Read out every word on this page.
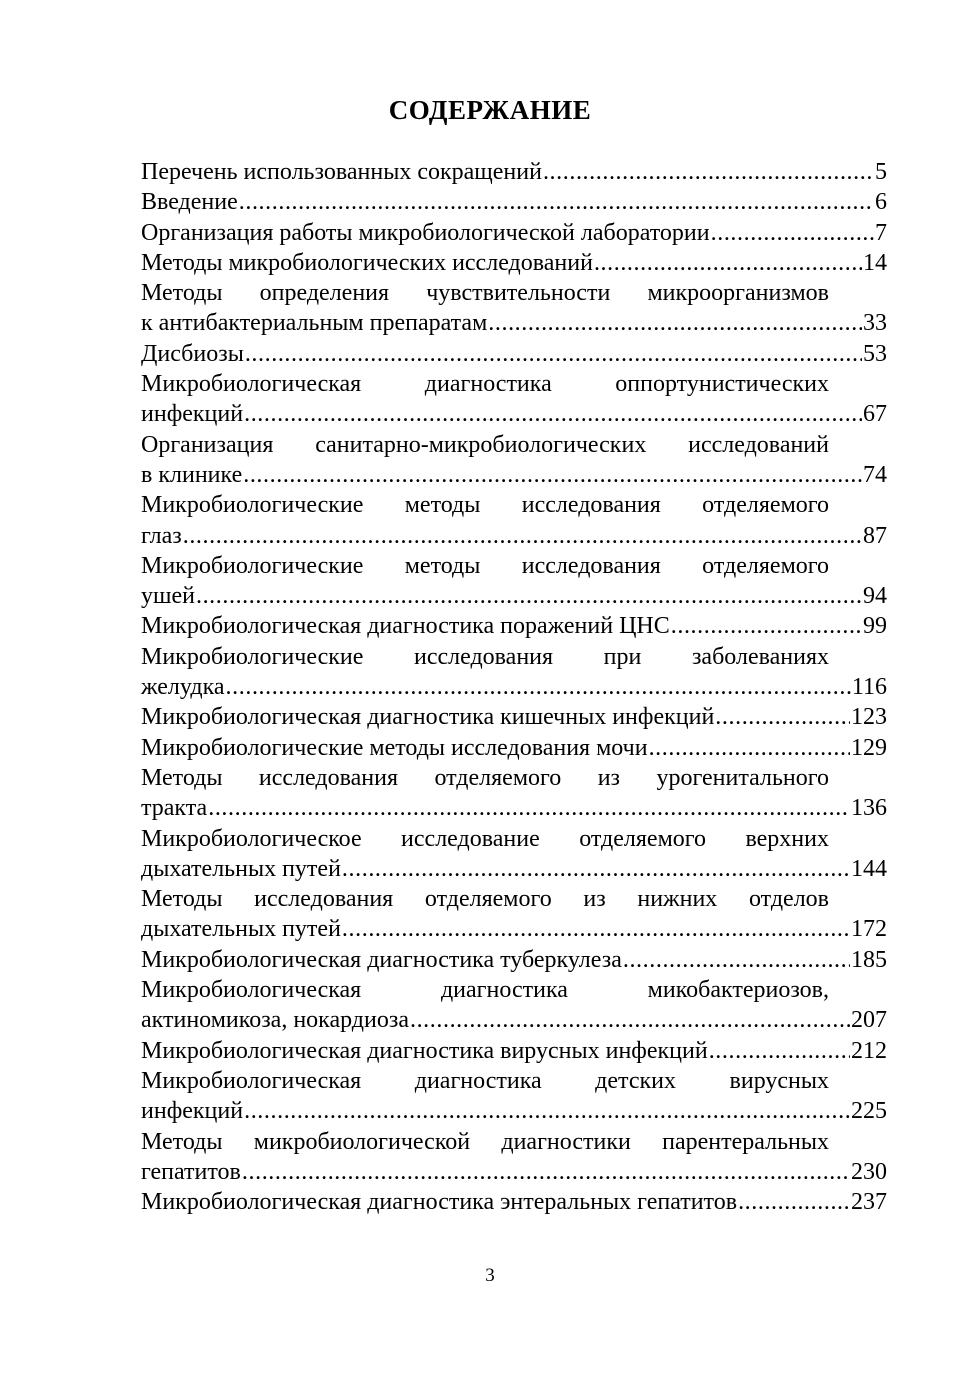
СОДЕРЖАНИЕ
Перечень использованных сокращений .....	5
Введение .....	6
Организация работы микробиологической лаборатории .....	7
Методы микробиологических исследований .....	14
Методы определения чувствительности микроорганизмов
к антибактериальным препаратам .....	33
Дисбиозы .....	53
Микробиологическая диагностика оппортунистических
инфекций .....	67
Организация санитарно-микробиологических исследований
в клинике .....	74
Микробиологические методы исследования отделяемого
глаз .....	87
Микробиологические методы исследования отделяемого
ушей .....	94
Микробиологическая диагностика поражений ЦНС .....	99
Микробиологические исследования при заболеваниях
желудка .....	116
Микробиологическая диагностика кишечных инфекций .....	123
Микробиологические методы исследования мочи .....	129
Методы исследования отделяемого из урогенитального
тракта .....	136
Микробиологическое исследование отделяемого верхних
дыхательных путей .....	144
Методы исследования отделяемого из нижних отделов
дыхательных путей .....	172
Микробиологическая диагностика туберкулеза .....	185
Микробиологическая диагностика микобактериозов,
актиномикоза, нокардиоза .....	207
Микробиологическая диагностика вирусных инфекций .....	212
Микробиологическая диагностика детских вирусных
инфекций .....	225
Методы микробиологической диагностики парентеральных
гепатитов .....	230
Микробиологическая диагностика энтеральных гепатитов .....	237
3
